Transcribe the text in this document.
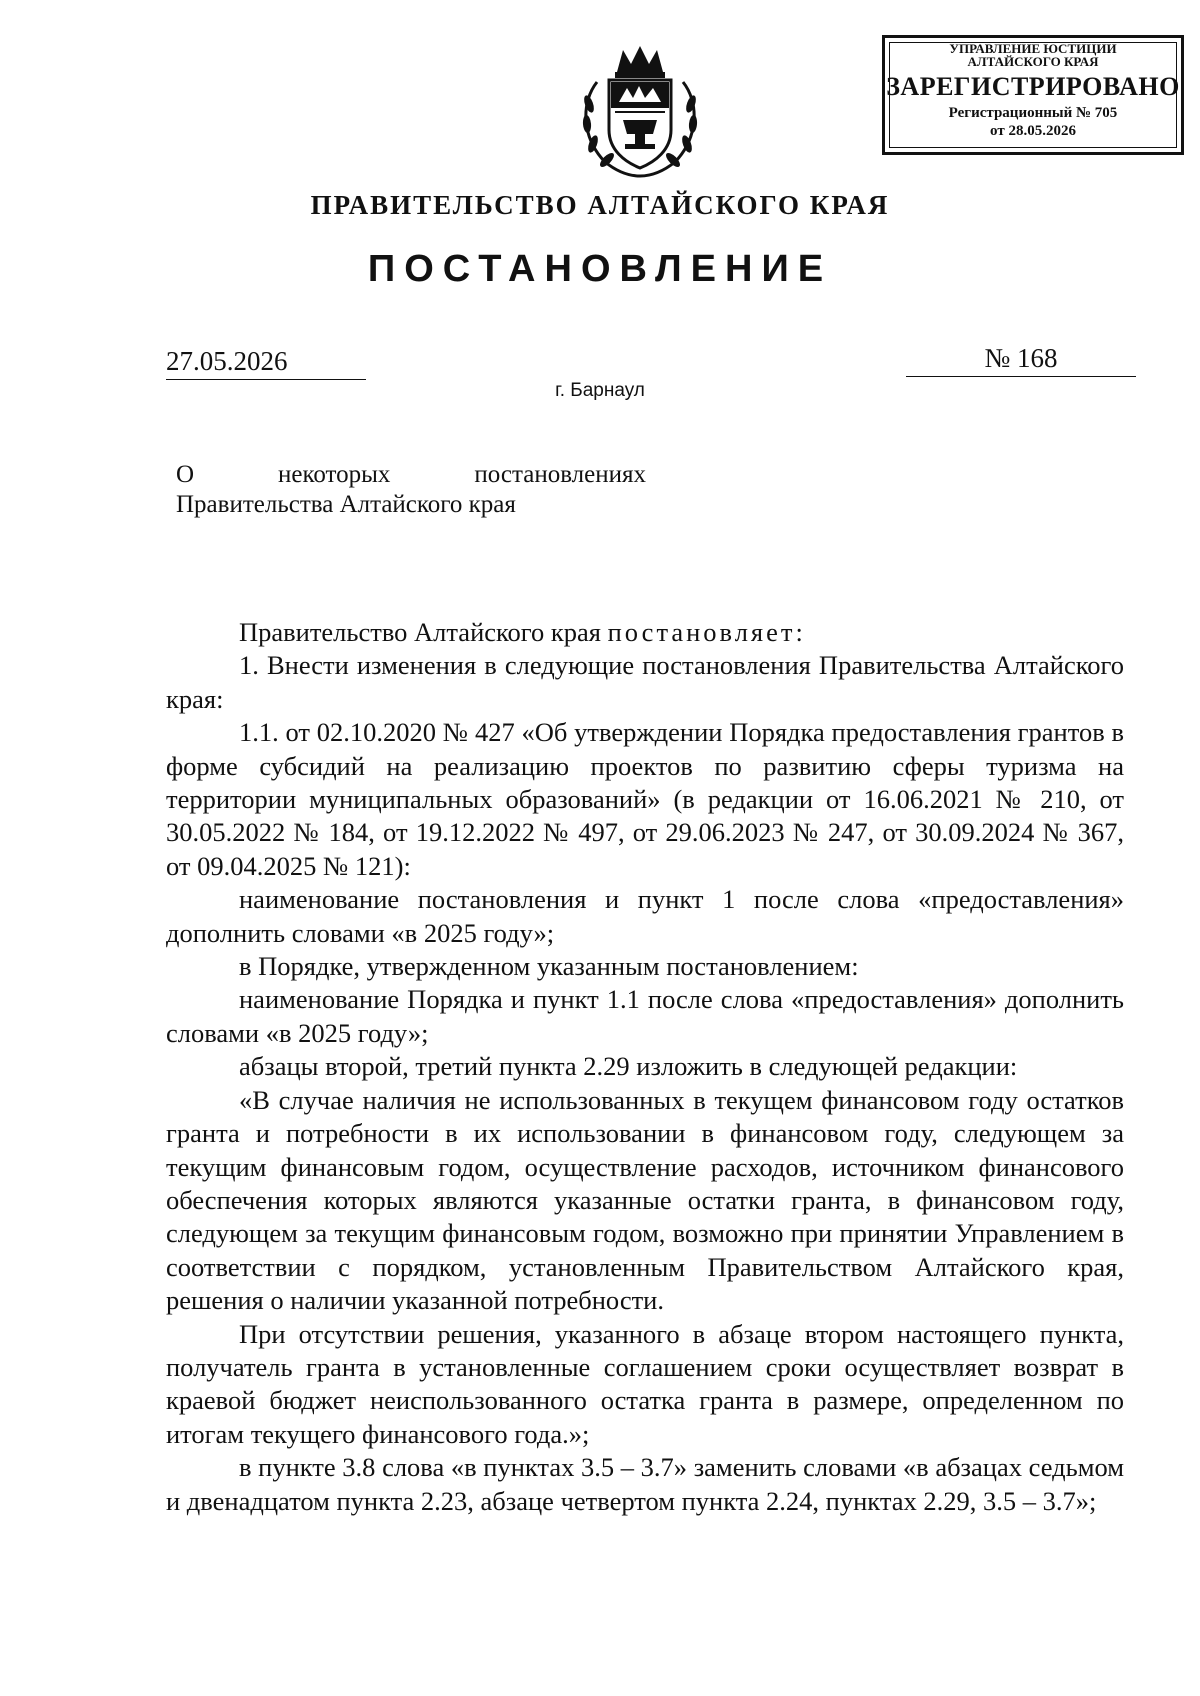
УПРАВЛЕНИЕ ЮСТИЦИИ
АЛТАЙСКОГО КРАЯ
ЗАРЕГИСТРИРОВАНО
Регистрационный № 705
от 28.05.2026
ПРАВИТЕЛЬСТВО АЛТАЙСКОГО КРАЯ
ПОСТАНОВЛЕНИЕ
27.05.2026	№ 168
г. Барнаул
О	некоторых	постановлениях
Правительства Алтайского края

Правительство Алтайского края постановляет:

1. Внести изменения в следующие постановления Правительства Алтайского края:

1.1. от 02.10.2020 № 427 «Об утверждении Порядка предоставления грантов в форме субсидий на реализацию проектов по развитию сферы туризма на территории муниципальных образований» (в редакции от 16.06.2021 № 210, от 30.05.2022 № 184, от 19.12.2022 № 497, от 29.06.2023 № 247, от 30.09.2024 № 367, от 09.04.2025 № 121):

наименование постановления и пункт 1 после слова «предоставления» дополнить словами «в 2025 году»;

в Порядке, утвержденном указанным постановлением:

наименование Порядка и пункт 1.1 после слова «предоставления» дополнить словами «в 2025 году»;

абзацы второй, третий пункта 2.29 изложить в следующей редакции:

«В случае наличия не использованных в текущем финансовом году остатков гранта и потребности в их использовании в финансовом году, следующем за текущим финансовым годом, осуществление расходов, источником финансового обеспечения которых являются указанные остатки гранта, в финансовом году, следующем за текущим финансовым годом, возможно при принятии Управлением в соответствии с порядком, установленным Правительством Алтайского края, решения о наличии указанной потребности.

При отсутствии решения, указанного в абзаце втором настоящего пункта, получатель гранта в установленные соглашением сроки осуществляет возврат в краевой бюджет неиспользованного остатка гранта в размере, определенном по итогам текущего финансового года.»;

в пункте 3.8 слова «в пунктах 3.5 – 3.7» заменить словами «в абзацах седьмом и двенадцатом пункта 2.23, абзаце четвертом пункта 2.24, пунктах 2.29, 3.5 – 3.7»;
